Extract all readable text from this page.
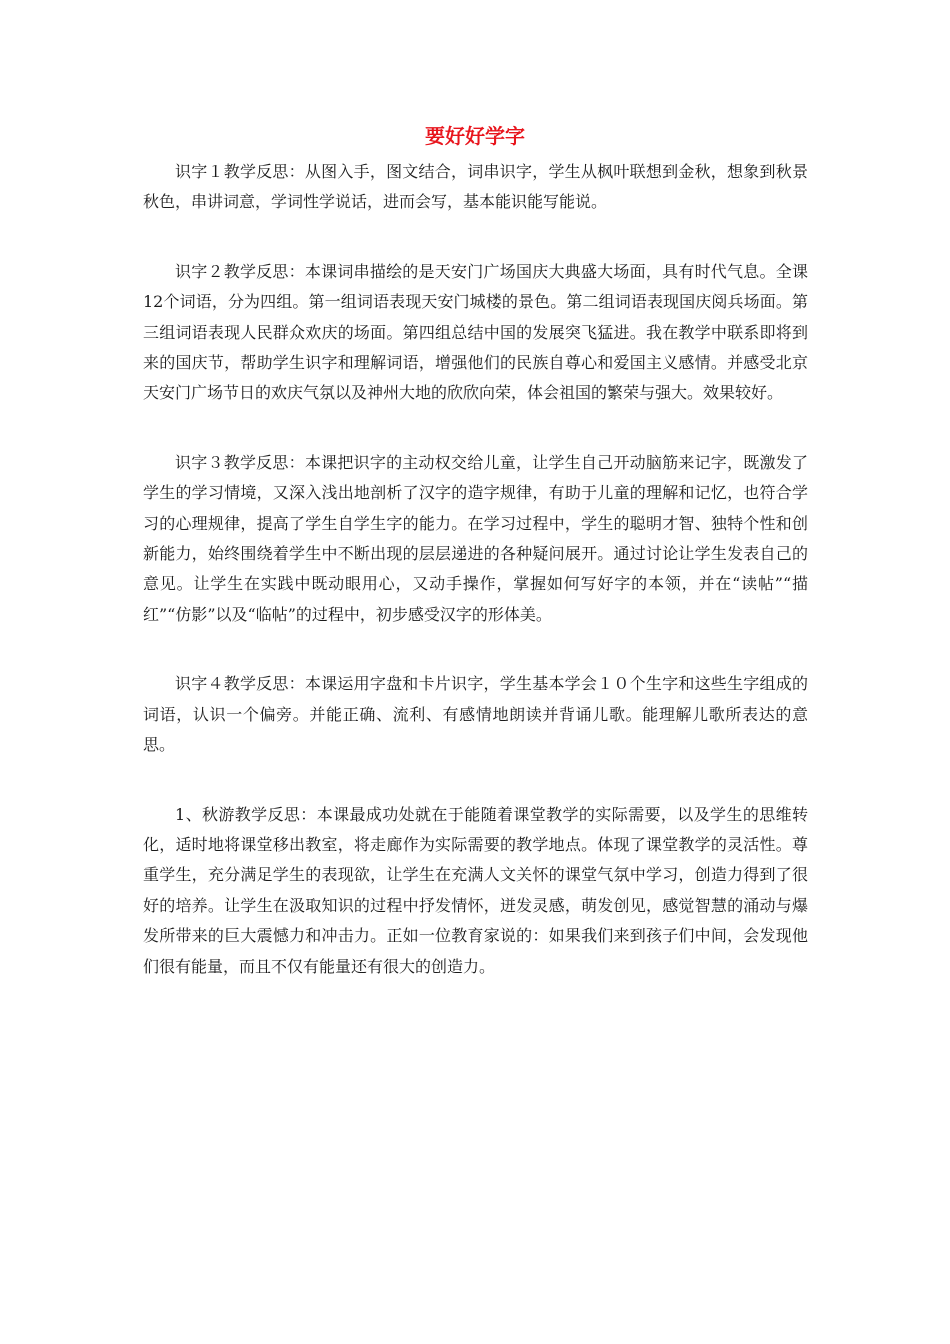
要好好学字

识字１教学反思：从图入手，图文结合，词串识字，学生从枫叶联想到金秋，想象到秋景秋色，串讲词意，学词性学说话，进而会写，基本能识能写能说。

识字２教学反思：本课词串描绘的是天安门广场国庆大典盛大场面，具有时代气息。全课12个词语，分为四组。第一组词语表现天安门城楼的景色。第二组词语表现国庆阅兵场面。第三组词语表现人民群众欢庆的场面。第四组总结中国的发展突飞猛进。我在教学中联系即将到来的国庆节，帮助学生识字和理解词语，增强他们的民族自尊心和爱国主义感情。并感受北京天安门广场节日的欢庆气氛以及神州大地的欣欣向荣，体会祖国的繁荣与强大。效果较好。

识字３教学反思：本课把识字的主动权交给儿童，让学生自己开动脑筋来记字，既激发了学生的学习情境，又深入浅出地剖析了汉字的造字规律，有助于儿童的理解和记忆，也符合学习的心理规律，提高了学生自学生字的能力。在学习过程中，学生的聪明才智、独特个性和创新能力，始终围绕着学生中不断出现的层层递进的各种疑问展开。通过讨论让学生发表自己的意见。让学生在实践中既动眼用心，又动手操作，掌握如何写好字的本领，并在“读帖”“描红”“仿影”以及“临帖”的过程中，初步感受汉字的形体美。

识字４教学反思：本课运用字盘和卡片识字，学生基本学会１０个生字和这些生字组成的词语，认识一个偏旁。并能正确、流利、有感情地朗读并背诵儿歌。能理解儿歌所表达的意思。

1、秋游教学反思：本课最成功处就在于能随着课堂教学的实际需要，以及学生的思维转化，适时地将课堂移出教室，将走廊作为实际需要的教学地点。体现了课堂教学的灵活性。尊重学生，充分满足学生的表现欲，让学生在充满人文关怀的课堂气氛中学习，创造力得到了很好的培养。让学生在汲取知识的过程中抒发情怀，迸发灵感，萌发创见，感觉智慧的涌动与爆发所带来的巨大震憾力和冲击力。正如一位教育家说的：如果我们来到孩子们中间，会发现他们很有能量，而且不仅有能量还有很大的创造力。
